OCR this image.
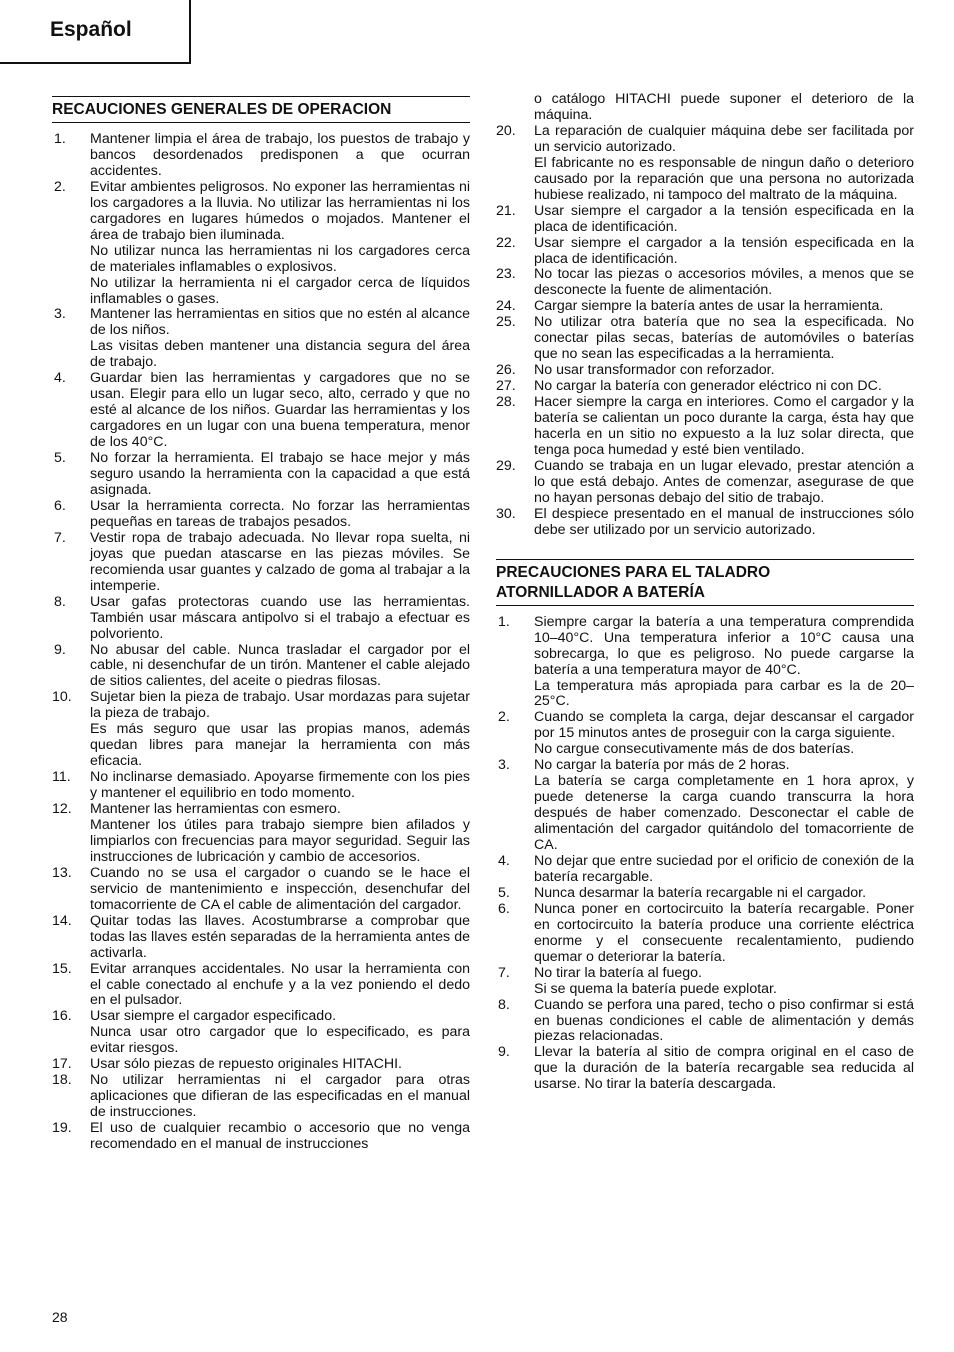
Español
RECAUCIONES GENERALES DE OPERACION
1.	Mantener limpia el área de trabajo, los puestos de trabajo y bancos desordenados predisponen a que ocurran accidentes.

2.	Evitar ambientes peligrosos. No exponer las herramientas ni los cargadores a la lluvia. No utilizar las herramientas ni los cargadores en lugares húmedos o mojados. Mantener el área de trabajo bien iluminada.

No utilizar nunca las herramientas ni los cargadores cerca de materiales inflamables o explosivos.

No utilizar la herramienta ni el cargador cerca de líquidos inflamables o gases.

3.	Mantener las herramientas en sitios que no estén al alcance de los niños.

Las visitas deben mantener una distancia segura del área de trabajo.

4.	Guardar bien las herramientas y cargadores que no se usan. Elegir para ello un lugar seco, alto, cerrado y que no esté al alcance de los niños. Guardar las herramientas y los cargadores en un lugar con una buena temperatura, menor de los 40°C.

5.	No forzar la herramienta. El trabajo se hace mejor y más seguro usando la herramienta con la capacidad a que está asignada.

6.	Usar la herramienta correcta. No forzar las herramientas pequeñas en tareas de trabajos pesados.

7.	Vestir ropa de trabajo adecuada. No llevar ropa suelta, ni joyas que puedan atascarse en las piezas móviles. Se recomienda usar guantes y calzado de goma al trabajar a la intemperie.

8.	Usar gafas protectoras cuando use las herramientas. También usar máscara antipolvo si el trabajo a efectuar es polvoriento.

9.	No abusar del cable. Nunca trasladar el cargador por el cable, ni desenchufar de un tirón. Mantener el cable alejado de sitios calientes, del aceite o piedras filosas.

10.	Sujetar bien la pieza de trabajo. Usar mordazas para sujetar la pieza de trabajo.

Es más seguro que usar las propias manos, además quedan libres para manejar la herramienta con más eficacia.

11.	No inclinarse demasiado. Apoyarse firmemente con los pies y mantener el equilibrio en todo momento.

12.	Mantener las herramientas con esmero.

Mantener los útiles para trabajo siempre bien afilados y limpiarlos con frecuencias para mayor seguridad. Seguir las instrucciones de lubricación y cambio de accesorios.

13.	Cuando no se usa el cargador o cuando se le hace el servicio de mantenimiento e inspección, desenchufar del tomacorriente de CA el cable de alimentación del cargador.

14.	Quitar todas las llaves. Acostumbrarse a comprobar que todas las llaves estén separadas de la herramienta antes de activarla.

15.	Evitar arranques accidentales. No usar la herramienta con el cable conectado al enchufe y a la vez poniendo el dedo en el pulsador.

16.	Usar siempre el cargador especificado.

Nunca usar otro cargador que lo especificado, es para evitar riesgos.

17.	Usar sólo piezas de repuesto originales HITACHI.

18.	No utilizar herramientas ni el cargador para otras aplicaciones que difieran de las especificadas en el manual de instrucciones.

19.	El uso de cualquier recambio o accesorio que no venga recomendado en el manual de instrucciones

o catálogo HITACHI puede suponer el deterioro de la máquina.
20.	La reparación de cualquier máquina debe ser facilitada por un servicio autorizado.

El fabricante no es responsable de ningun daño o deterioro causado por la reparación que una persona no autorizada hubiese realizado, ni tampoco del maltrato de la máquina.

21.	Usar siempre el cargador a la tensión especificada en la placa de identificación.

22.	Usar siempre el cargador a la tensión especificada en la placa de identificación.

23.	No tocar las piezas o accesorios móviles, a menos que se desconecte la fuente de alimentación.

24.	Cargar siempre la batería antes de usar la herramienta.

25.	No utilizar otra batería que no sea la especificada. No conectar pilas secas, baterías de automóviles o baterías que no sean las especificadas a la herramienta.

26.	No usar transformador con reforzador.

27.	No cargar la batería con generador eléctrico ni con DC.

28.	Hacer siempre la carga en interiores. Como el cargador y la batería se calientan un poco durante la carga, ésta hay que hacerla en un sitio no expuesto a la luz solar directa, que tenga poca humedad y esté bien ventilado.

29.	Cuando se trabaja en un lugar elevado, prestar atención a lo que está debajo. Antes de comenzar, asegurase de que no hayan personas debajo del sitio de trabajo.

30.	El despiece presentado en el manual de instrucciones sólo debe ser utilizado por un servicio autorizado.

PRECAUCIONES PARA EL TALADRO
ATORNILLADOR A BATERÍA
1.	Siempre cargar la batería a una temperatura comprendida 10–40°C. Una temperatura inferior a 10°C causa una sobrecarga, lo que es peligroso. No puede cargarse la batería a una temperatura mayor de 40°C.

La temperatura más apropiada para carbar es la de 20–25°C.

2.	Cuando se completa la carga, dejar descansar el cargador por 15 minutos antes de proseguir con la carga siguiente.

No cargue consecutivamente más de dos baterías.

3.	No cargar la batería por más de 2 horas.

La batería se carga completamente en 1 hora aprox, y puede detenerse la carga cuando transcurra la hora después de haber comenzado. Desconectar el cable de alimentación del cargador quitándolo del tomacorriente de CA.

4.	No dejar que entre suciedad por el orificio de conexión de la batería recargable.

5.	Nunca desarmar la batería recargable ni el cargador.

6.	Nunca poner en cortocircuito la batería recargable. Poner en cortocircuito la batería produce una corriente eléctrica enorme y el consecuente recalentamiento, pudiendo quemar o deteriorar la batería.

7.	No tirar la batería al fuego.

Si se quema la batería puede explotar.

8.	Cuando se perfora una pared, techo o piso confirmar si está en buenas condiciones el cable de alimentación y demás piezas relacionadas.

9.	Llevar la batería al sitio de compra original en el caso de que la duración de la batería recargable sea reducida al usarse. No tirar la batería descargada.

28
